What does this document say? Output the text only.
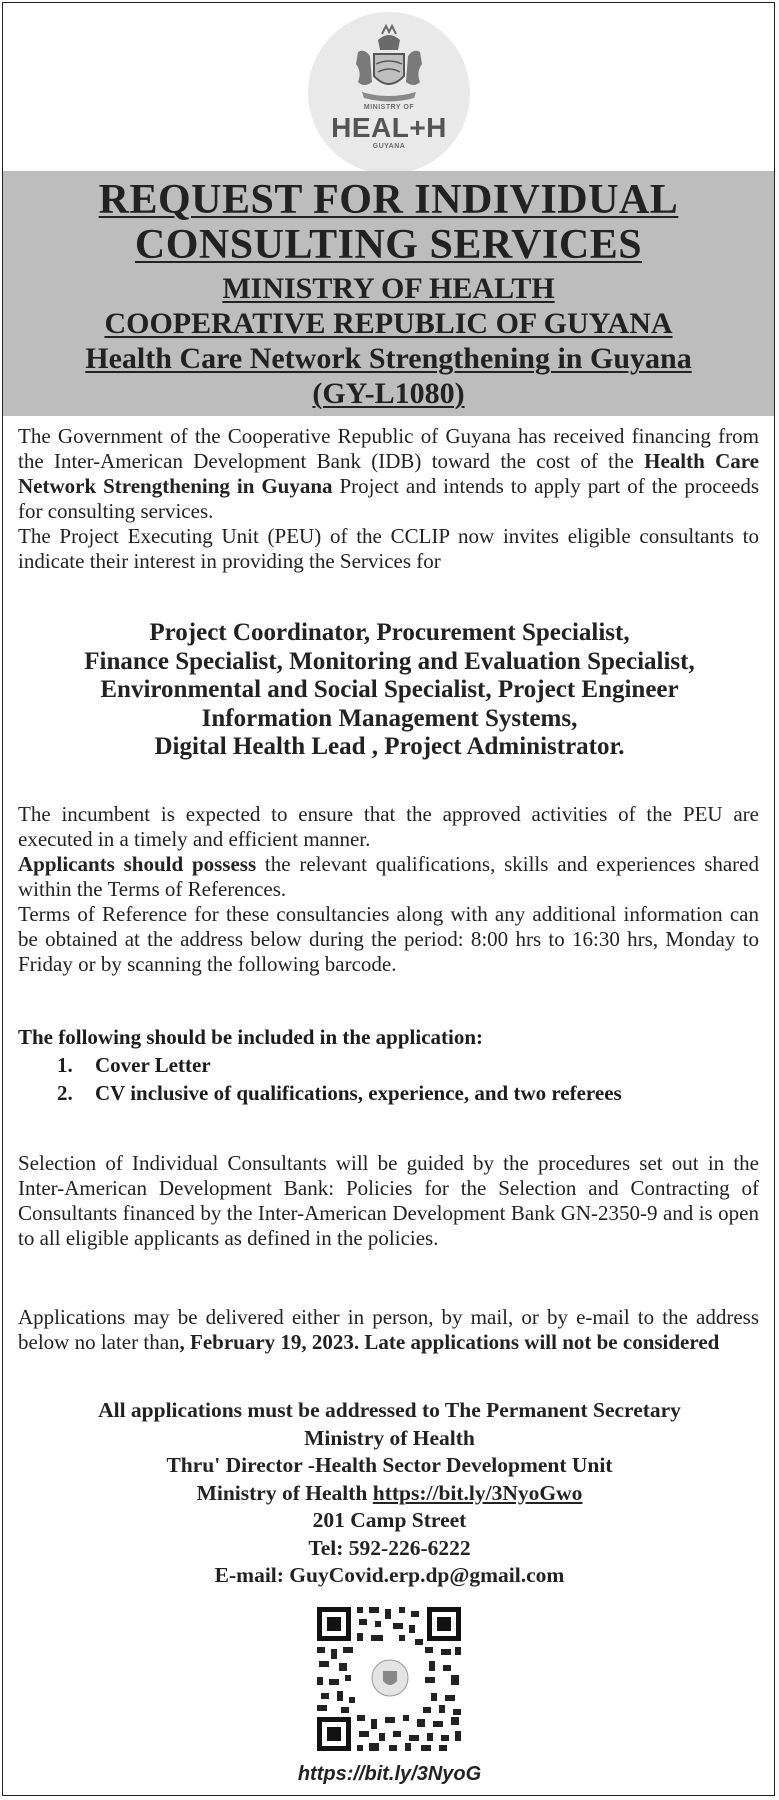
MINISTRY OF
HEAL+H
GUYANA
REQUEST FOR INDIVIDUAL
CONSULTING SERVICES
MINISTRY OF HEALTH
COOPERATIVE REPUBLIC OF GUYANA
Health Care Network Strengthening in Guyana
(GY-L1080)
The Government of the Cooperative Republic of Guyana has received financing from the Inter-American Development Bank (IDB) toward the cost of the Health Care Network Strengthening in Guyana Project and intends to apply part of the proceeds for consulting services.
The Project Executing Unit (PEU) of the CCLIP now invites eligible consultants to indicate their interest in providing the Services for
Project Coordinator, Procurement Specialist,
Finance Specialist, Monitoring and Evaluation Specialist,
Environmental and Social Specialist, Project Engineer
Information Management Systems,
Digital Health Lead , Project Administrator.
The incumbent is expected to ensure that the approved activities of the PEU are executed in a timely and efficient manner.
Applicants should possess the relevant qualifications, skills and experiences shared within the Terms of References.
Terms of Reference for these consultancies along with any additional information can be obtained at the address below during the period: 8:00 hrs to 16:30 hrs, Monday to Friday or by scanning the following barcode.
The following should be included in the application:
1. Cover Letter
2. CV inclusive of qualifications, experience, and two referees
Selection of Individual Consultants will be guided by the procedures set out in the Inter-American Development Bank: Policies for the Selection and Contracting of Consultants financed by the Inter-American Development Bank GN-2350-9 and is open to all eligible applicants as defined in the policies.
Applications may be delivered either in person, by mail, or by e-mail to the address below no later than, February 19, 2023. Late applications will not be considered
All applications must be addressed to The Permanent Secretary
Ministry of Health
Thru' Director -Health Sector Development Unit
Ministry of Health https://bit.ly/3NyoGwo
201 Camp Street
Tel: 592-226-6222
E-mail: GuyCovid.erp.dp@gmail.com
https://bit.ly/3NyoG
